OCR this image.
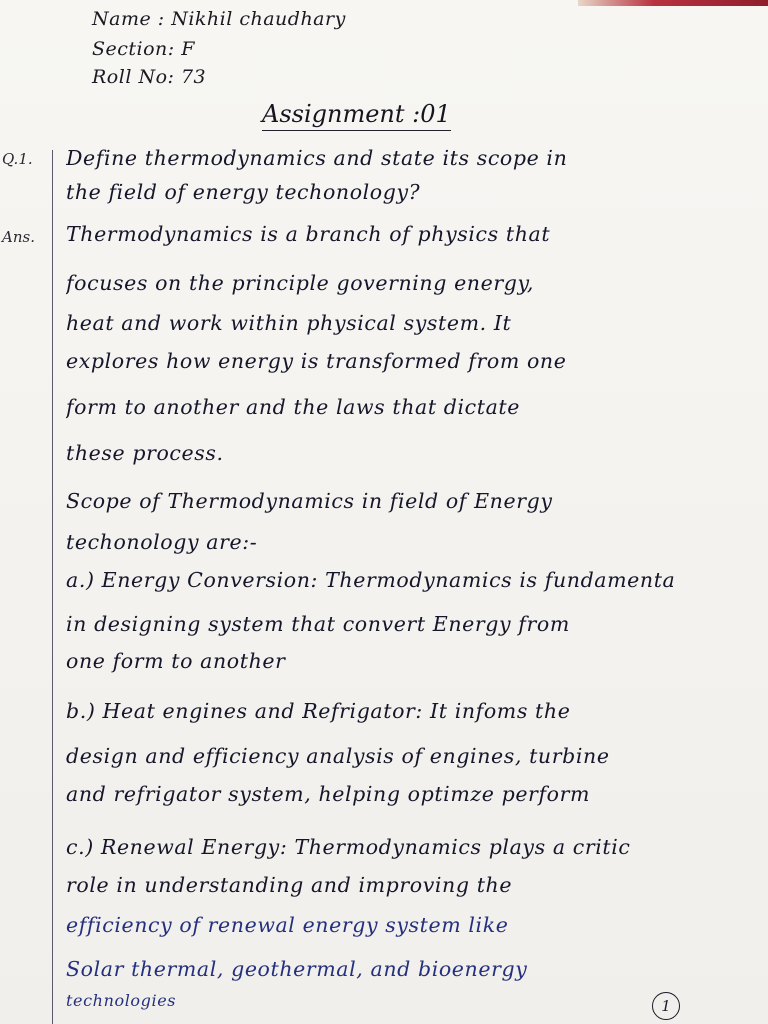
Name : Nikhil chaudhary
Section: F
Roll No: 73
Assignment :01
Q.1.
Ans.
Define thermodynamics and state its scope in
the field of energy techonology?
Thermodynamics is a branch of physics that
focuses on the principle governing energy,
heat and work within physical system. It
explores how energy is transformed from one
form to another and the laws that dictate
these process.
Scope of Thermodynamics in field of Energy
techonology are:-
a.) Energy Conversion: Thermodynamics is fundamenta
in designing system that convert Energy from
one form to another
b.) Heat engines and Refrigator: It infoms the
design and efficiency analysis of engines, turbine
and refrigator system, helping optimze perform
c.) Renewal Energy: Thermodynamics plays a critic
role in understanding and improving the
efficiency of renewal energy system like
Solar thermal, geothermal, and bioenergy
technologies	1
